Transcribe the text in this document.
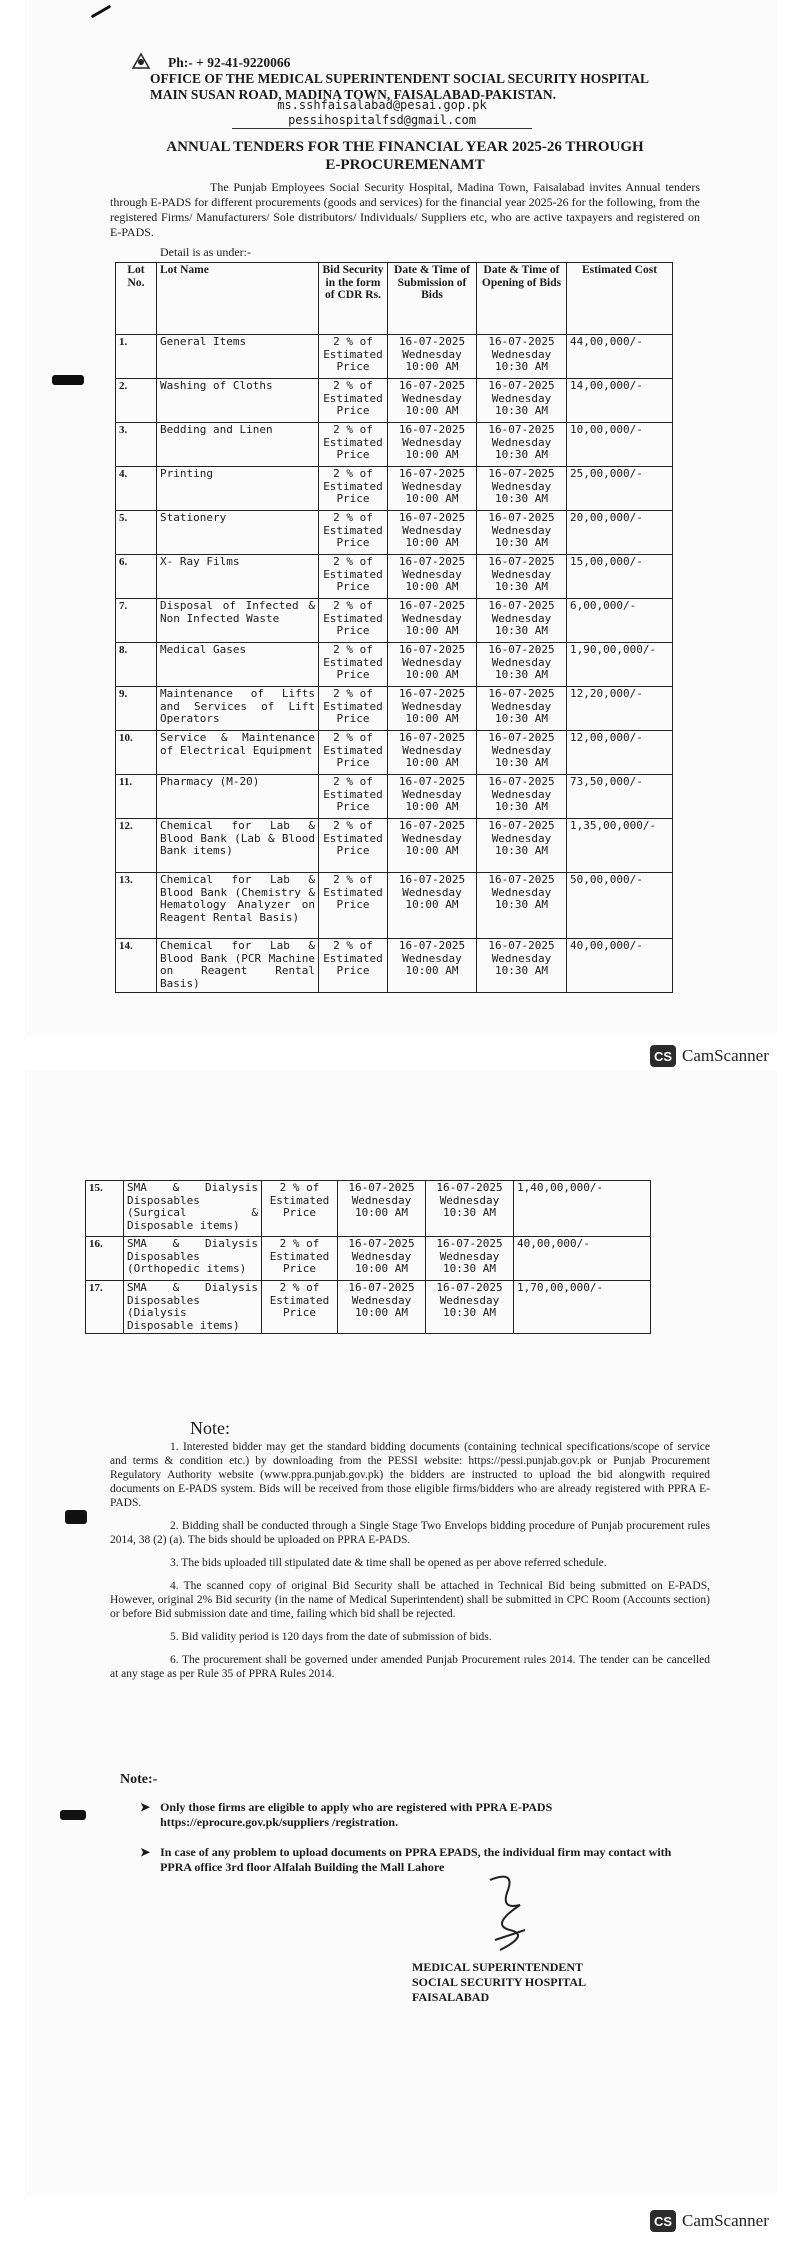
Ph:- + 92-41-9220066
OFFICE OF THE MEDICAL SUPERINTENDENT SOCIAL SECURITY HOSPITAL
MAIN SUSAN ROAD, MADINA TOWN, FAISALABAD-PAKISTAN.
ms.sshfaisalabad@pesai.gop.pk
pessihospitalfsd@gmail.com
ANNUAL TENDERS FOR THE FINANCIAL YEAR 2025-26 THROUGH
E-PROCUREMENAMT
The Punjab Employees Social Security Hospital, Madina Town, Faisalabad invites Annual tenders through E-PADS for different procurements (goods and services) for the financial year 2025-26 for the following, from the registered Firms/ Manufacturers/ Sole distributors/ Individuals/ Suppliers etc, who are active taxpayers and registered on E-PADS.
Detail is as under:-
Lot No.	Lot Name	Bid Security in the form of CDR Rs.	Date & Time of Submission of Bids	Date & Time of Opening of Bids	Estimated Cost
1.	General Items	2 % of Estimated Price	16-07-2025 Wednesday 10:00 AM	16-07-2025 Wednesday 10:30 AM	44,00,000/-
2.	Washing of Cloths	2 % of Estimated Price	16-07-2025 Wednesday 10:00 AM	16-07-2025 Wednesday 10:30 AM	14,00,000/-
3.	Bedding and Linen	2 % of Estimated Price	16-07-2025 Wednesday 10:00 AM	16-07-2025 Wednesday 10:30 AM	10,00,000/-
4.	Printing	2 % of Estimated Price	16-07-2025 Wednesday 10:00 AM	16-07-2025 Wednesday 10:30 AM	25,00,000/-
5.	Stationery	2 % of Estimated Price	16-07-2025 Wednesday 10:00 AM	16-07-2025 Wednesday 10:30 AM	20,00,000/-
6.	X- Ray Films	2 % of Estimated Price	16-07-2025 Wednesday 10:00 AM	16-07-2025 Wednesday 10:30 AM	15,00,000/-
7.	Disposal of Infected & Non Infected Waste	2 % of Estimated Price	16-07-2025 Wednesday 10:00 AM	16-07-2025 Wednesday 10:30 AM	6,00,000/-
8.	Medical Gases	2 % of Estimated Price	16-07-2025 Wednesday 10:00 AM	16-07-2025 Wednesday 10:30 AM	1,90,00,000/-
9.	Maintenance of Lifts and Services of Lift Operators	2 % of Estimated Price	16-07-2025 Wednesday 10:00 AM	16-07-2025 Wednesday 10:30 AM	12,20,000/-
10.	Service & Maintenance of Electrical Equipment	2 % of Estimated Price	16-07-2025 Wednesday 10:00 AM	16-07-2025 Wednesday 10:30 AM	12,00,000/-
11.	Pharmacy (M-20)	2 % of Estimated Price	16-07-2025 Wednesday 10:00 AM	16-07-2025 Wednesday 10:30 AM	73,50,000/-
12.	Chemical for Lab & Blood Bank (Lab & Blood Bank items)	2 % of Estimated Price	16-07-2025 Wednesday 10:00 AM	16-07-2025 Wednesday 10:30 AM	1,35,00,000/-
13.	Chemical for Lab & Blood Bank (Chemistry & Hematology Analyzer on Reagent Rental Basis)	2 % of Estimated Price	16-07-2025 Wednesday 10:00 AM	16-07-2025 Wednesday 10:30 AM	50,00,000/-
14.	Chemical for Lab & Blood Bank (PCR Machine on Reagent Rental Basis)	2 % of Estimated Price	16-07-2025 Wednesday 10:00 AM	16-07-2025 Wednesday 10:30 AM	40,00,000/-
CS CamScanner
15.	SMA & Dialysis Disposables (Surgical & Disposable items)	2 % of Estimated Price	16-07-2025 Wednesday 10:00 AM	16-07-2025 Wednesday 10:30 AM	1,40,00,000/-
16.	SMA & Dialysis Disposables (Orthopedic items)	2 % of Estimated Price	16-07-2025 Wednesday 10:00 AM	16-07-2025 Wednesday 10:30 AM	40,00,000/-
17.	SMA & Dialysis Disposables (Dialysis Disposable items)	2 % of Estimated Price	16-07-2025 Wednesday 10:00 AM	16-07-2025 Wednesday 10:30 AM	1,70,00,000/-
Note:

1. Interested bidder may get the standard bidding documents (containing technical specifications/scope of service and terms & condition etc.) by downloading from the PESSI website: https://pessi.punjab.gov.pk or Punjab Procurement Regulatory Authority website (www.ppra.punjab.gov.pk) the bidders are instructed to upload the bid alongwith required documents on E-PADS system. Bids will be received from those eligible firms/bidders who are already registered with PPRA E-PADS.

2. Bidding shall be conducted through a Single Stage Two Envelops bidding procedure of Punjab procurement rules 2014, 38 (2) (a). The bids should be uploaded on PPRA E-PADS.

3. The bids uploaded till stipulated date & time shall be opened as per above referred schedule.

4. The scanned copy of original Bid Security shall be attached in Technical Bid being submitted on E-PADS, However, original 2% Bid security (in the name of Medical Superintendent) shall be submitted in CPC Room (Accounts section) or before Bid submission date and time, failing which bid shall be rejected.

5. Bid validity period is 120 days from the date of submission of bids.

6. The procurement shall be governed under amended Punjab Procurement rules 2014. The tender can be cancelled at any stage as per Rule 35 of PPRA Rules 2014.

Note:-
➤ Only those firms are eligible to apply who are registered with PPRA E-PADS https://eprocure.gov.pk/suppliers /registration.
➤ In case of any problem to upload documents on PPRA EPADS, the individual firm may contact with PPRA office 3rd floor Alfalah Building the Mall Lahore
MEDICAL SUPERINTENDENT
SOCIAL SECURITY HOSPITAL
FAISALABAD
CS CamScanner
